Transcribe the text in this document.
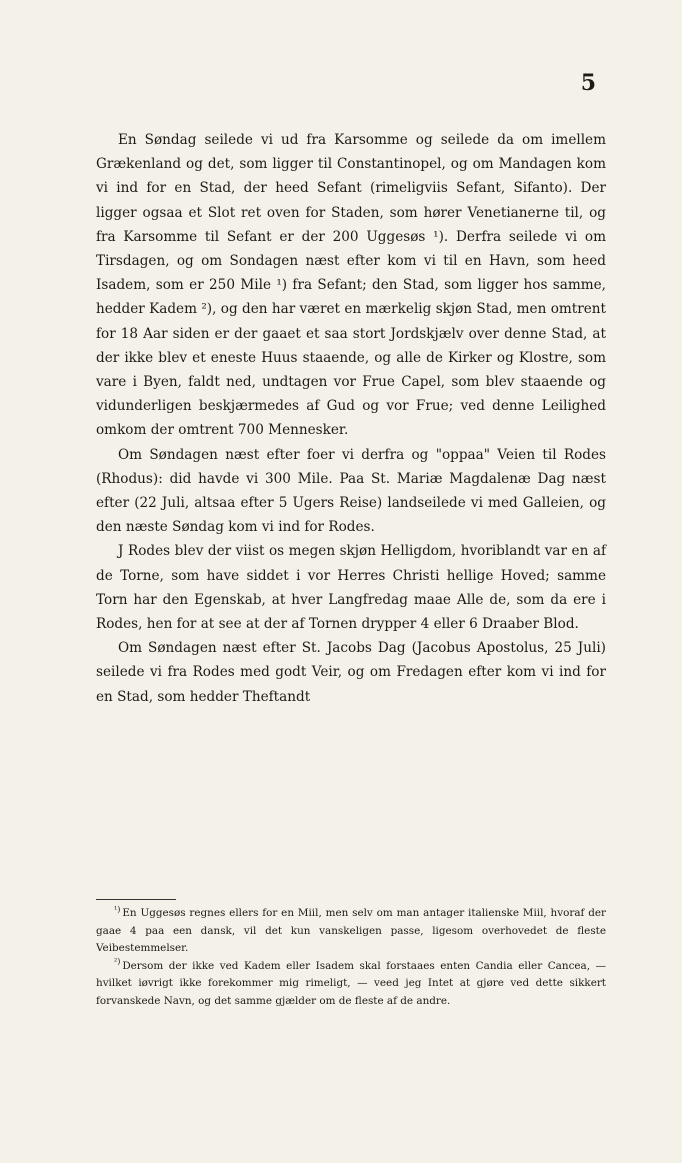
5

En Søndag seilede vi ud fra Karsomme og seilede da om imellem Grækenland og det, som ligger til Constantinopel, og om Mandagen kom vi ind for en Stad, der heed Sefant (rimeligviis Sefant, Sifanto). Der ligger ogsaa et Slot ret oven for Staden, som hører Venetianerne til, og fra Karsomme til Sefant er der 200 Uggesøs ¹). Derfra seilede vi om Tirsdagen, og om Sondagen næst efter kom vi til en Havn, som heed Isadem, som er 250 Mile ¹) fra Sefant; den Stad, som ligger hos samme, hedder Kadem ²), og den har været en mærkelig skjøn Stad, men omtrent for 18 Aar siden er der gaaet et saa stort Jordskjælv over denne Stad, at der ikke blev et eneste Huus staaende, og alle de Kirker og Klostre, som vare i Byen, faldt ned, undtagen vor Frue Capel, som blev staaende og vidunderligen beskjærmedes af Gud og vor Frue; ved denne Leilighed omkom der omtrent 700 Mennesker.

Om Søndagen næst efter foer vi derfra og "oppaa" Veien til Rodes (Rhodus): did havde vi 300 Mile. Paa St. Mariæ Magdalenæ Dag næst efter (22 Juli, altsaa efter 5 Ugers Reise) landseilede vi med Galleien, og den næste Søndag kom vi ind for Rodes.

J Rodes blev der viist os megen skjøn Helligdom, hvoriblandt var en af de Torne, som have siddet i vor Herres Christi hellige Hoved; samme Torn har den Egenskab, at hver Langfredag maae Alle de, som da ere i Rodes, hen for at see at der af Tornen drypper 4 eller 6 Draaber Blod.

Om Søndagen næst efter St. Jacobs Dag (Jacobus Apostolus, 25 Juli) seilede vi fra Rodes med godt Veir, og om Fredagen efter kom vi ind for en Stad, som hedder Theftandt

$^{^1)}$ En Uggesøs regnes ellers for en Miil, men selv om man antager italienske Miil, hvoraf der gaae 4 paa een dansk, vil det kun vanskeligen passe, ligesom overhovedet de fleste Veibestemmelser.

$^{^2)}$ Dersom der ikke ved Kadem eller Isadem skal forstaaes enten Candia eller Cancea, — hvilket iøvrigt ikke forekommer mig rimeligt, — veed jeg Intet at gjøre ved dette sikkert forvanskede Navn, og det samme gjælder om de fleste af de andre.
